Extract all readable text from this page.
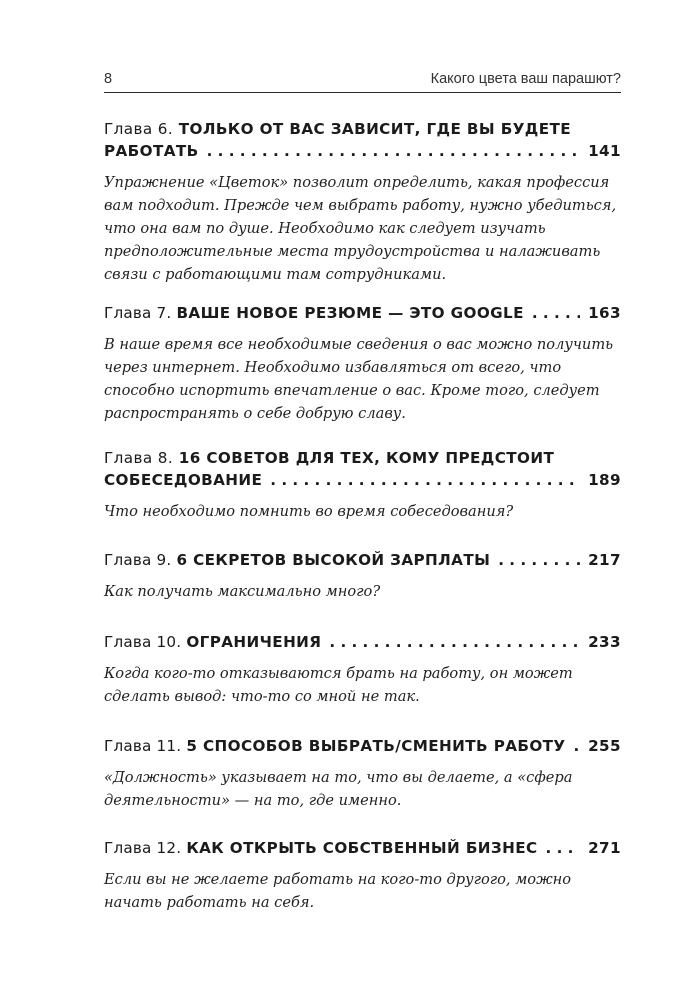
8	Какого цвета ваш парашют?
Глава 6. ТОЛЬКО ОТ ВАС ЗАВИСИТ, ГДЕ ВЫ БУДЕТЕ
РАБОТАТЬ . . .	141
Упражнение «Цветок» позволит определить, какая профессия вам подходит. Прежде чем выбрать работу, нужно убедиться, что она вам по душе. Необходимо как следует изучать предположительные места трудоустройства и налаживать связи с работающими там сотрудниками.
Глава 7. ВАШЕ НОВОЕ РЕЗЮМЕ — ЭТО GOOGLE . . .	163
В наше время все необходимые сведения о вас можно получить через интернет. Необходимо избавляться от всего, что способно испортить впечатление о вас. Кроме того, следует распространять о себе добрую славу.
Глава 8. 16 СОВЕТОВ ДЛЯ ТЕХ, КОМУ ПРЕДСТОИТ
СОБЕСЕДОВАНИЕ . . .	189
Что необходимо помнить во время собеседования?
Глава 9. 6 СЕКРЕТОВ ВЫСОКОЙ ЗАРПЛАТЫ . . .	217
Как получать максимально много?
Глава 10. ОГРАНИЧЕНИЯ . . .	233
Когда кого-то отказываются брать на работу, он может сделать вывод: что-то со мной не так.
Глава 11. 5 СПОСОБОВ ВЫБРАТЬ/СМЕНИТЬ РАБОТУ . . . 255
«Должность» указывает на то, что вы делаете, а «сфера деятельности» — на то, где именно.
Глава 12. КАК ОТКРЫТЬ СОБСТВЕННЫЙ БИЗНЕС . . .	271
Если вы не желаете работать на кого-то другого, можно начать работать на себя.
